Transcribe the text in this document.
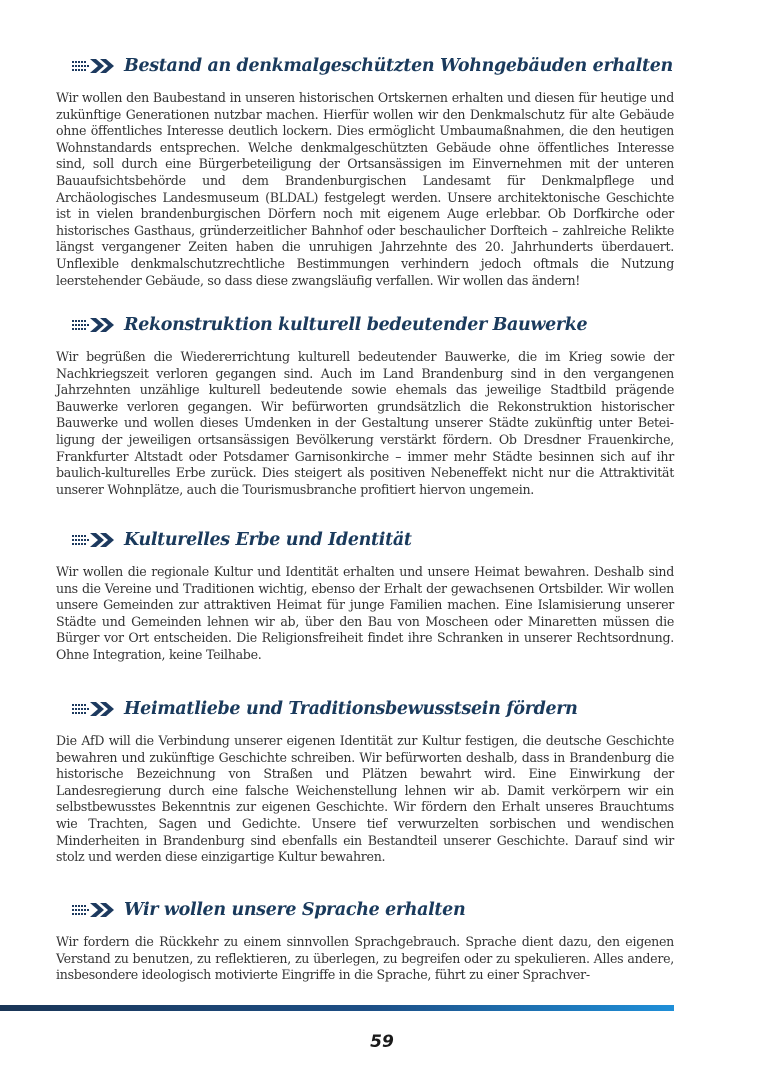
Bestand an denkmalgeschützten Wohngebäuden erhalten

Wir wollen den Baubestand in unseren historischen Ortskernen erhalten und diesen für heutige und zukünftige Generationen nutzbar machen. Hierfür wollen wir den Denkmalschutz für alte Gebäude ohne öffentliches Interesse deutlich lockern. Dies ermöglicht Umbaumaßnahmen, die den heutigen Wohnstandards entsprechen. Welche denkmalgeschützten Gebäude ohne öffentliches Interesse sind, soll durch eine Bürgerbeteiligung der Ortsansässigen im Einvernehmen mit der unteren Bauaufsichtsbehörde und dem Brandenburgischen Landesamt für Denkmalpflege und Archäologisches Landesmuseum (BLDAL) festgelegt werden. Unsere architektonische Geschichte ist in vielen brandenburgischen Dörfern noch mit eigenem Auge erlebbar. Ob Dorfkirche oder historisches Gasthaus, gründerzeitlicher Bahnhof oder beschaulicher Dorfteich – zahlreiche Relikte längst vergangener Zeiten haben die unruhigen Jahrzehnte des 20. Jahrhunderts überdauert. Unflexible denkmalschutzrechtliche Bestimmungen verhindern jedoch oftmals die Nutzung leerstehender Gebäude, so dass diese zwangsläufig verfallen. Wir wollen das ändern!

Rekonstruktion kulturell bedeutender Bauwerke

Wir begrüßen die Wiedererrichtung kulturell bedeutender Bauwerke, die im Krieg sowie der Nachkriegszeit verloren gegangen sind. Auch im Land Brandenburg sind in den vergangenen Jahrzehnten unzählige kulturell bedeutende sowie ehemals das jeweilige Stadtbild prägende Bauwerke verloren gegangen. Wir befürworten grundsätzlich die Rekonstruktion historischer Bauwerke und wollen dieses Umdenken in der Gestaltung unserer Städte zukünftig unter Beteiligung der jeweiligen ortsansässigen Bevölkerung verstärkt fördern. Ob Dresdner Frauenkirche, Frankfurter Altstadt oder Potsdamer Garnisonkirche – immer mehr Städte besinnen sich auf ihr baulich-kulturelles Erbe zurück. Dies steigert als positiven Nebeneffekt nicht nur die Attraktivität unserer Wohnplätze, auch die Tourismusbranche profitiert hiervon ungemein.

Kulturelles Erbe und Identität

Wir wollen die regionale Kultur und Identität erhalten und unsere Heimat bewahren. Deshalb sind uns die Vereine und Traditionen wichtig, ebenso der Erhalt der gewachsenen Ortsbilder. Wir wollen unsere Gemeinden zur attraktiven Heimat für junge Familien machen. Eine Islamisierung unserer Städte und Gemeinden lehnen wir ab, über den Bau von Moscheen oder Minaretten müssen die Bürger vor Ort entscheiden. Die Religionsfreiheit findet ihre Schranken in unserer Rechtsordnung. Ohne Integration, keine Teilhabe.

Heimatliebe und Traditionsbewusstsein fördern

Die AfD will die Verbindung unserer eigenen Identität zur Kultur festigen, die deutsche Geschichte bewahren und zukünftige Geschichte schreiben. Wir befürworten deshalb, dass in Brandenburg die historische Bezeichnung von Straßen und Plätzen bewahrt wird. Eine Einwirkung der Landesregierung durch eine falsche Weichenstellung lehnen wir ab. Damit verkörpern wir ein selbstbewusstes Bekenntnis zur eigenen Geschichte. Wir fördern den Erhalt unseres Brauchtums wie Trachten, Sagen und Gedichte. Unsere tief verwurzelten sorbischen und wendischen Minderheiten in Brandenburg sind ebenfalls ein Bestandteil unserer Geschichte. Darauf sind wir stolz und werden diese einzigartige Kultur bewahren.

Wir wollen unsere Sprache erhalten

Wir fordern die Rückkehr zu einem sinnvollen Sprachgebrauch. Sprache dient dazu, den eigenen Verstand zu benutzen, zu reflektieren, zu überlegen, zu begreifen oder zu spekulieren. Alles andere, insbesondere ideologisch motivierte Eingriffe in die Sprache, führt zu einer Sprachver-

59
